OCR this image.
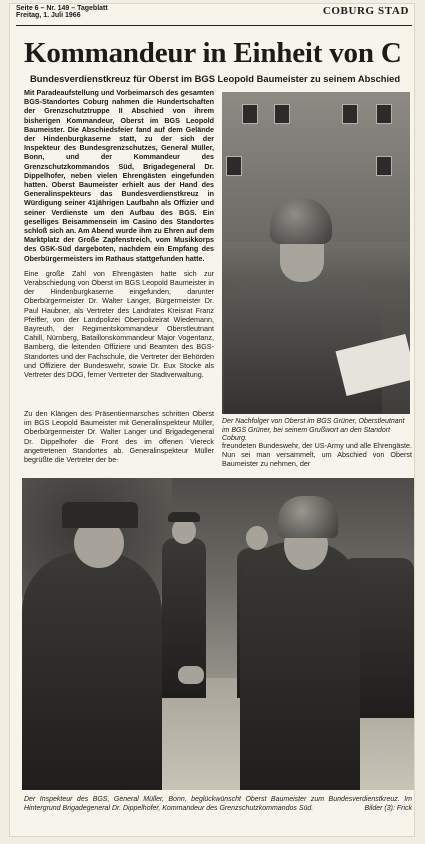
Seite 6 – Nr. 149 – Tageblatt
Freitag, 1. Juli 1966	COBURG STAD
Kommandeur in Einheit von C
Bundesverdienstkreuz für Oberst im BGS Leopold Baumeister zu seinem Abschied

Mit Paradeaufstellung und Vorbeimarsch des gesamten BGS-Standortes Coburg nahmen die Hundertschaften der Grenzschutztruppe II Abschied von ihrem bisherigen Kommandeur, Oberst im BGS Leopold Baumeister. Die Abschiedsfeier fand auf dem Gelände der Hindenburgkaserne statt, zu der sich der Inspekteur des Bundesgrenzschutzes, General Müller, Bonn, und der Kommandeur des Grenzschutzkommandos Süd, Brigadegeneral Dr. Dippelhofer, neben vielen Ehrengästen eingefunden hatten. Oberst Baumeister erhielt aus der Hand des Generalinspekteurs das Bundesverdienstkreuz in Würdigung seiner 41jährigen Laufbahn als Offizier und seiner Verdienste um den Aufbau des BGS. Ein geselliges Beisammensein im Casino des Standortes schloß sich an. Am Abend wurde ihm zu Ehren auf dem Marktplatz der Große Zapfenstreich, vom Musikkorps des GSK-Süd dargeboten, nachdem ein Empfang des Oberbürgermeisters im Rathaus stattgefunden hatte.

Eine große Zahl von Ehrengästen hatte sich zur Verabschiedung von Oberst im BGS Leopold Baumeister in der Hindenburgkaserne eingefunden, darunter Oberbürgermeister Dr. Walter Langer, Bürgermeister Dr. Paul Haubner, als Vertreter des Landrates Kreisrat Franz Pfeiffer, von der Landpolizei Oberpolizeirat Wiedemann, Bayreuth, der Regimentskommandeur Oberstleutnant Cahill, Nürnberg, Bataillonskommandeur Major Vogentanz, Bamberg, die leitenden Offiziere und Beamten des BGS-Standortes und der Fachschule, die Vertreter der Behörden und Offiziere der Bundeswehr, sowie Dr. Eux Stocke als Vertreter des DOG, ferner Vertreter der Stadtverwaltung.

Der Nachfolger von Oberst im BGS Grüner, Oberstleutnant im BGS Grüner, bei seinem Grußwort an den Standort Coburg.
Zu den Klängen des Präsentiermarsches schritten Oberst im BGS Leopold Baumeister mit Generalinspekteur Müller, Oberbürgermeister Dr. Walter Langer und Brigadegeneral Dr. Dippelhofer die Front des im offenen Viereck angetretenen Standortes ab. Generalinspekteur Müller begrüßte die Vertreter der be-
freundeten Bundeswehr, der US-Army und alle Ehrengäste. Nun sei man versammelt, um Abschied von Oberst Baumeister zu nehmen, der
Der Inspekteur des BGS, General Müller, Bonn, beglückwünscht Oberst Baumeister zum Bundesverdienstkreuz. Im Hintergrund Brigadegeneral Dr. Dippelhofer, Kommandeur des Grenzschutzkommandos Süd.	Bilder (3): Frick
